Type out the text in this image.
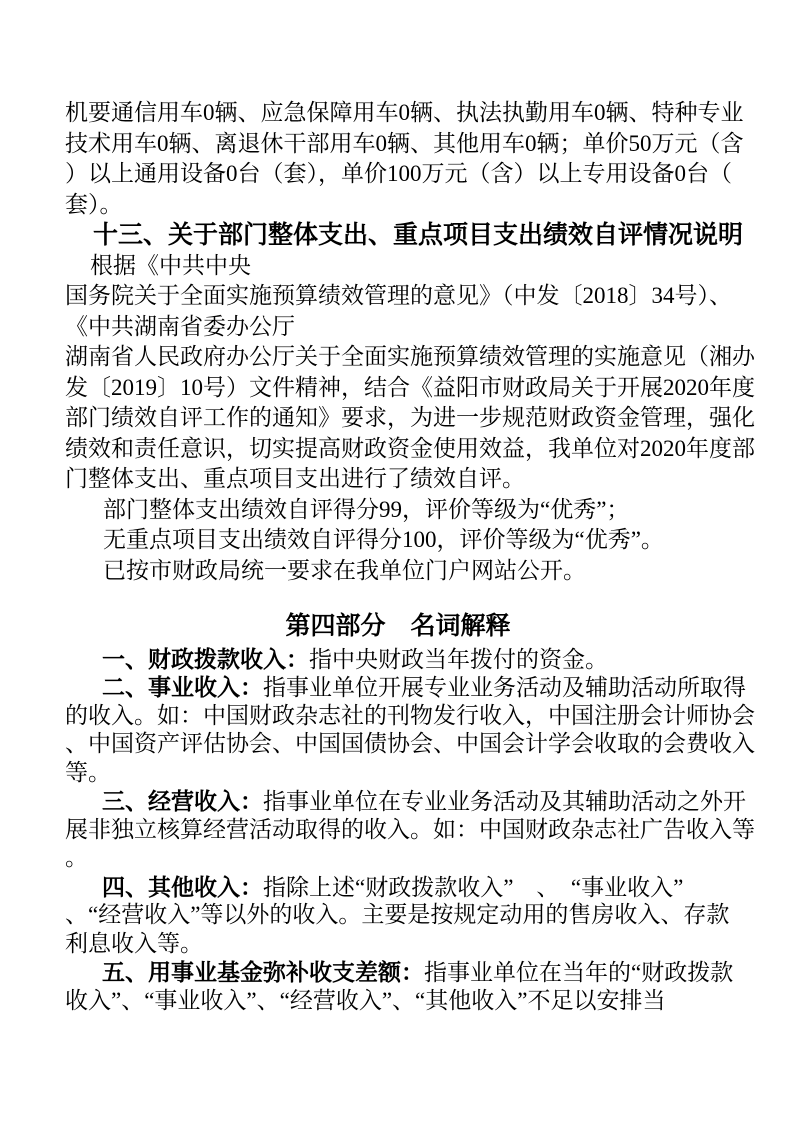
机要通信用车0辆、应急保障用车0辆、执法执勤用车0辆、特种专业
技术用车0辆、离退休干部用车0辆、其他用车0辆；单价50万元（含
）以上通用设备0台（套），单价100万元（含）以上专用设备0台（
套）。
十三、关于部门整体支出、重点项目支出绩效自评情况说明
根据《中共中央
国务院关于全面实施预算绩效管理的意见》（中发〔2018〕34号）、
《中共湖南省委办公厅
湖南省人民政府办公厅关于全面实施预算绩效管理的实施意见（湘办
发〔2019〕10号）文件精神，结合《益阳市财政局关于开展2020年度
部门绩效自评工作的通知》要求，为进一步规范财政资金管理，强化
绩效和责任意识，切实提高财政资金使用效益，我单位对2020年度部
门整体支出、重点项目支出进行了绩效自评。
部门整体支出绩效自评得分99，评价等级为“优秀”；
无重点项目支出绩效自评得分100，评价等级为“优秀”。
已按市财政局统一要求在我单位门户网站公开。
第四部分　名词解释
一、财政拨款收入：指中央财政当年拨付的资金。
二、事业收入：指事业单位开展专业业务活动及辅助活动所取得
的收入。如：中国财政杂志社的刊物发行收入，中国注册会计师协会
、中国资产评估协会、中国国债协会、中国会计学会收取的会费收入
等。
三、经营收入：指事业单位在专业业务活动及其辅助活动之外开
展非独立核算经营活动取得的收入。如：中国财政杂志社广告收入等
。
四、其他收入：指除上述“财政拨款收入”　、　“事业收入”
、“经营收入”等以外的收入。主要是按规定动用的售房收入、存款
利息收入等。
五、用事业基金弥补收支差额：指事业单位在当年的“财政拨款
收入”、“事业收入”、“经营收入”、“其他收入”不足以安排当
